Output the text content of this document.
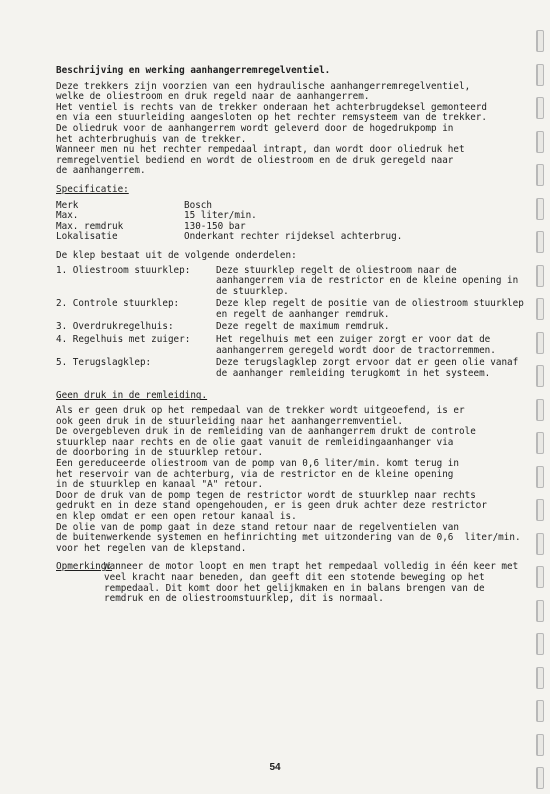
Beschrijving en werking aanhangerremregelventiel.
Deze trekkers zijn voorzien van een hydraulische aanhangerremregelventiel,
welke de oliestroom en druk regeld naar de aanhangerrem.
Het ventiel is rechts van de trekker onderaan het achterbrugdeksel gemonteerd
en via een stuurleiding aangesloten op het rechter remsysteem van de trekker.
De oliedruk voor de aanhangerrem wordt geleverd door de hogedrukpomp in
het achterbrughuis van de trekker.
Wanneer men nu het rechter rempedaal intrapt, dan wordt door oliedruk het
remregelventiel bediend en wordt de oliestroom en de druk geregeld naar
de aanhangerrem.
Specificatie:
Merk	Bosch
Max.	15 liter/min.
Max. remdruk	130-150 bar
Lokalisatie	Onderkant rechter rijdeksel achterbrug.
De klep bestaat uit de volgende onderdelen:
1. Oliestroom stuurklep:	Deze stuurklep regelt de oliestroom naar de aanhangerrem via de restrictor en de kleine opening in de stuurklep.
2. Controle stuurklep:	Deze klep regelt de positie van de oliestroom stuurklep en regelt de aanhanger remdruk.
3. Overdrukregelhuis:	Deze regelt de maximum remdruk.
4. Regelhuis met zuiger:	Het regelhuis met een zuiger zorgt er voor dat de aanhangerrem geregeld wordt door de tractorremmen.
5. Terugslagklep:	Deze terugslagklep zorgt ervoor dat er geen olie vanaf de aanhanger remleiding terugkomt in het systeem.
Geen druk in de remleiding.
Als er geen druk op het rempedaal van de trekker wordt uitgeoefend, is er
ook geen druk in de stuurleiding naar het aanhangerremventiel.
De overgebleven druk in de remleiding van de aanhangerrem drukt de controle
stuurklep naar rechts en de olie gaat vanuit de remleidingaanhanger via
de doorboring in de stuurklep retour.
Een gereduceerde oliestroom van de pomp van 0,6 liter/min. komt terug in
het reservoir van de achterburg, via de restrictor en de kleine opening
in de stuurklep en kanaal "A" retour.
Door de druk van de pomp tegen de restrictor wordt de stuurklep naar rechts
gedrukt en in deze stand opengehouden, er is geen druk achter deze restrictor
en klep omdat er een open retour kanaal is.
De olie van de pomp gaat in deze stand retour naar de regelventielen van
de buitenwerkende systemen en hefinrichting met uitzondering van de 0,6  liter/min.
voor het regelen van de klepstand.
Opmerking:
Wanneer de motor loopt en men trapt het rempedaal volledig in één keer met veel kracht naar beneden, dan geeft dit een stotende beweging op het rempedaal. Dit komt door het gelijkmaken en in balans brengen van de remdruk en de oliestroomstuurklep, dit is normaal.
54
